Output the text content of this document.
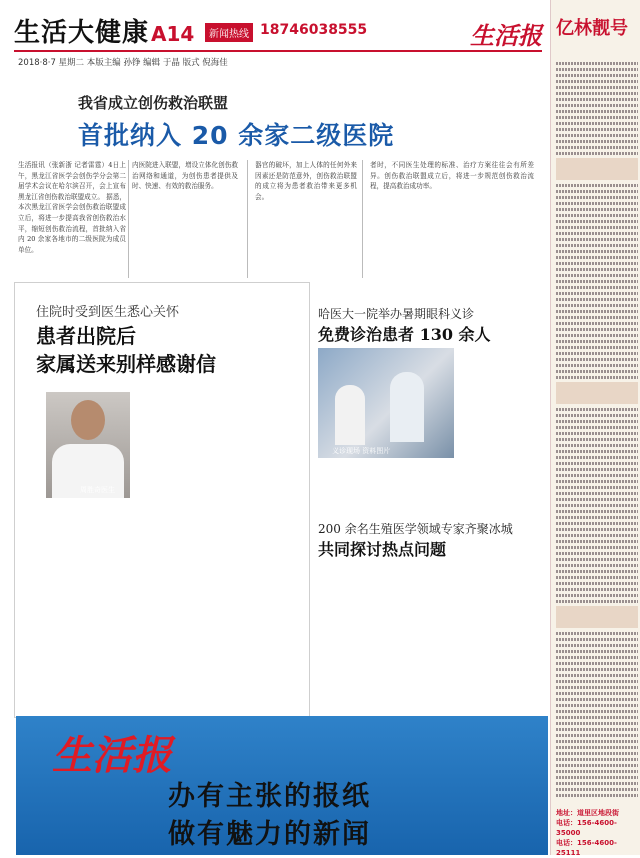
生活大健康 A14	新闻热线 18746038555	生活报
2018·8·7 星期二 本版主编 孙铮 编辑 于晶 版式 倪海佳
我省成立创伤救治联盟
首批纳入 20 余家二级医院
生活报讯（张新浙 记者雷霆）4日上午，黑龙江省医学会创伤学分会第二届学术会议在哈尔滨召开，会上宣布黑龙江省创伤救治联盟成立。 据悉，本次黑龙江省医学会创伤救治联盟成立后，将进一步提高我省创伤救治水平，缩短创伤救治流程，首批纳入省内 20 余家各地市的二级医院为成员单位。
内医院进入联盟，增设立体化创伤救治网络和通道，为创伤患者提供及时、快速、有效的救治服务。
器官的破坏，加上人体的任何外来因素还是防范意外，创伤救治联盟的成立将为患者救治带来更多机会。
者时，不同医生处理的标准、治疗方案往往会有所差异。创伤救治联盟成立后，将进一步规范创伤救治流程，提高救治成功率。
住院时受到医生悉心关怀
患者出院后
家属送来别样感谢信
周胜奇医生
哈医大一院举办暑期眼科义诊
免费诊治患者 130 余人
义诊现场 资料图片
200 余名生殖医学领域专家齐聚冰城
共同探讨热点问题
亿林靓号
地址：道里区地段街
电话：156-4600-35000
电话：156-4600-25111
生活报
办有主张的报纸
做有魅力的新闻
